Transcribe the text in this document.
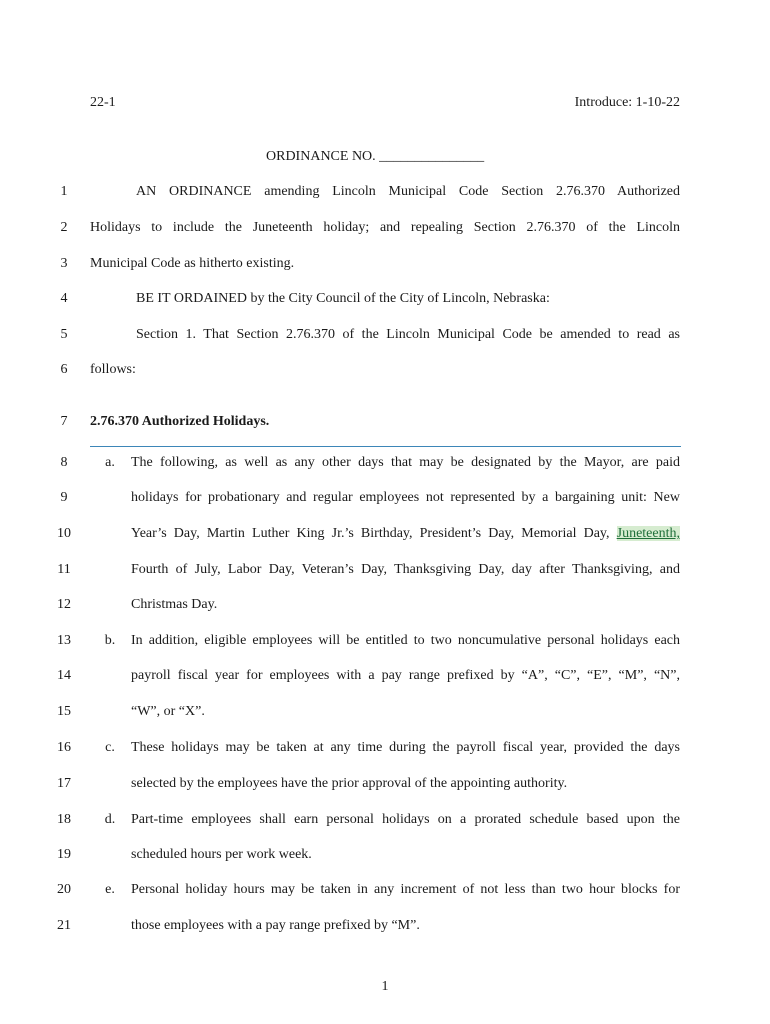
22-1	Introduce: 1-10-22
ORDINANCE NO. _______________
1
2
3
4
5
6
7
8
9
10
11
12
13
14
15
16
17
18
19
20
21
AN ORDINANCE amending Lincoln Municipal Code Section 2.76.370 Authorized
Holidays to include the Juneteenth holiday; and repealing Section 2.76.370 of the Lincoln
Municipal Code as hitherto existing.
BE IT ORDAINED by the City Council of the City of Lincoln, Nebraska:
Section 1. That Section 2.76.370 of the Lincoln Municipal Code be amended to read as
follows:
2.76.370 Authorized Holidays.
a. The following, as well as any other days that may be designated by the Mayor, are paid
holidays for probationary and regular employees not represented by a bargaining unit: New
Year’s Day, Martin Luther King Jr.’s Birthday, President’s Day, Memorial Day, Juneteenth,
Fourth of July, Labor Day, Veteran’s Day, Thanksgiving Day, day after Thanksgiving, and
Christmas Day.
b. In addition, eligible employees will be entitled to two noncumulative personal holidays each
payroll fiscal year for employees with a pay range prefixed by “A”, “C”, “E”, “M”, “N”,
“W”, or “X”.
c. These holidays may be taken at any time during the payroll fiscal year, provided the days
selected by the employees have the prior approval of the appointing authority.
d. Part-time employees shall earn personal holidays on a prorated schedule based upon the
scheduled hours per work week.
e. Personal holiday hours may be taken in any increment of not less than two hour blocks for
those employees with a pay range prefixed by “M”.
1
